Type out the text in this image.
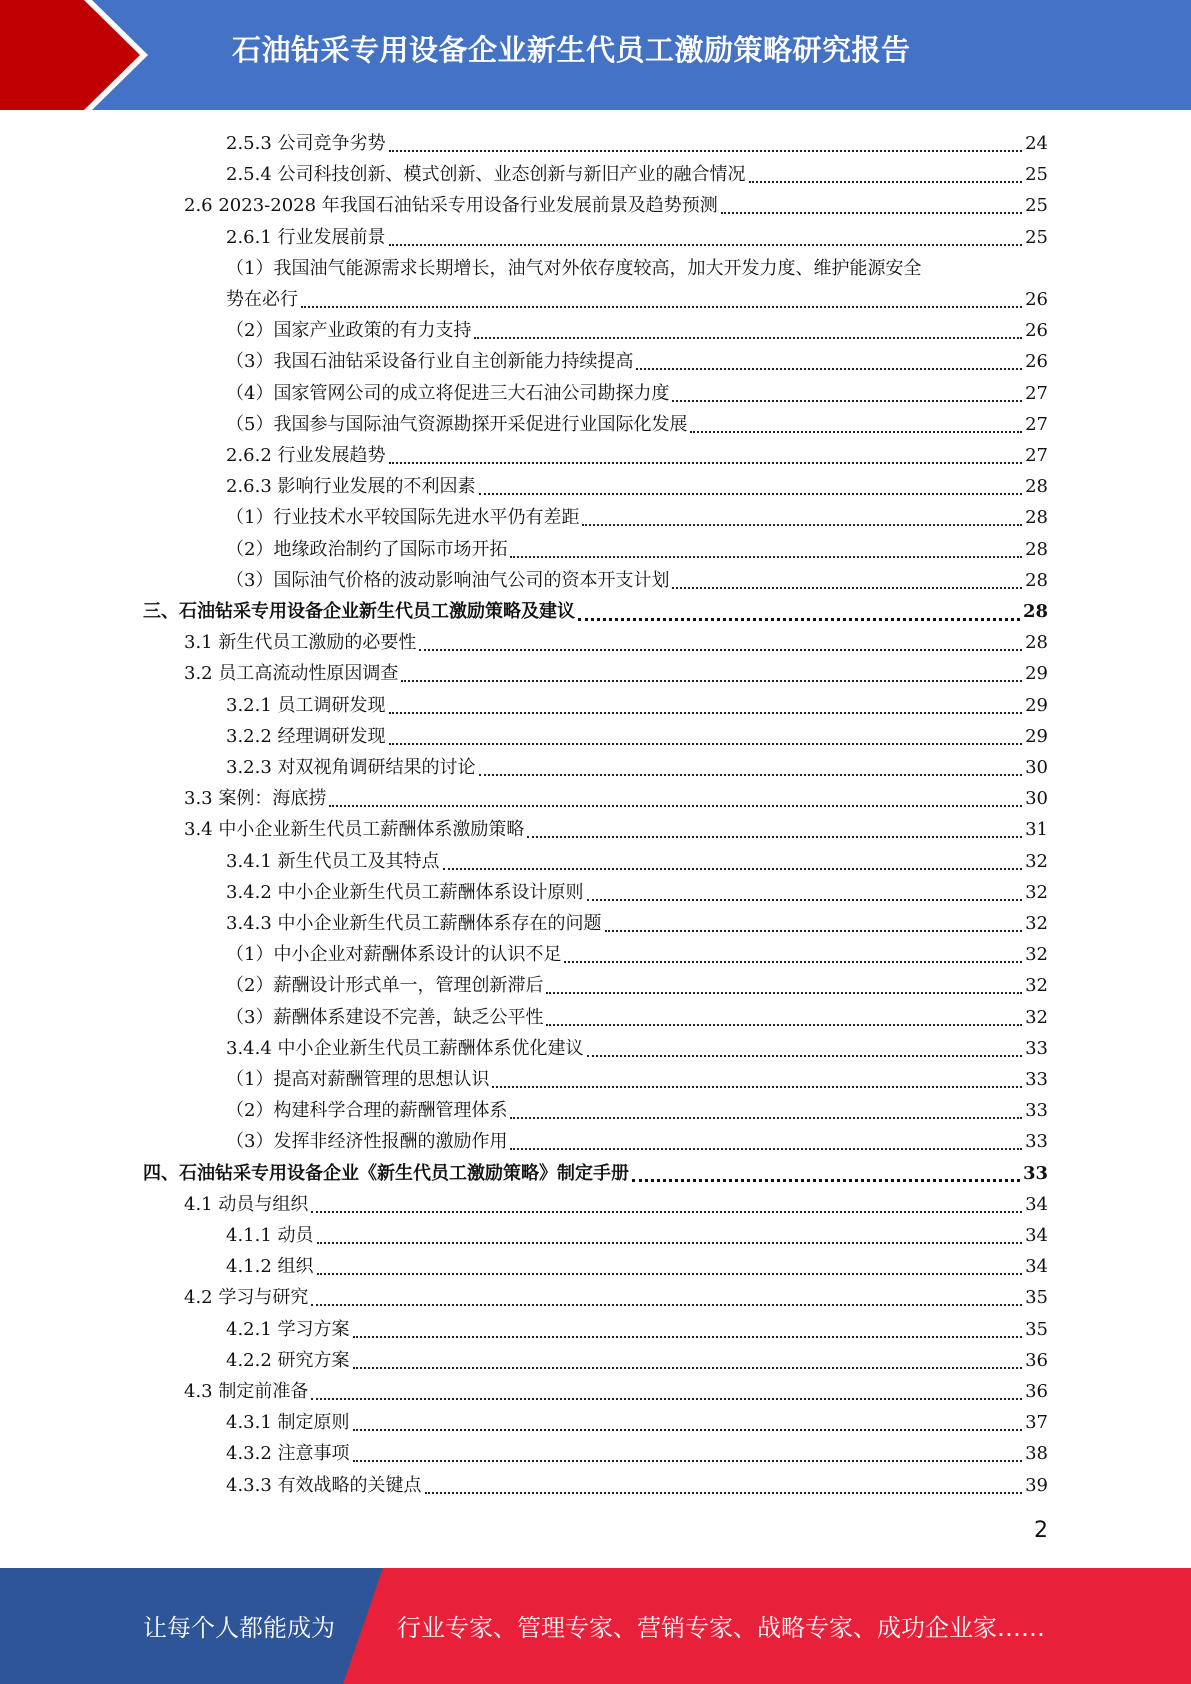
石油钻采专用设备企业新生代员工激励策略研究报告
2.5.3 公司竞争劣势	24
2.5.4 公司科技创新、模式创新、业态创新与新旧产业的融合情况	25
2.6 2023-2028 年我国石油钻采专用设备行业发展前景及趋势预测	25
2.6.1 行业发展前景	25
（1）我国油气能源需求长期增长，油气对外依存度较高，加大开发力度、维护能源安全
势在必行	26
（2）国家产业政策的有力支持	26
（3）我国石油钻采设备行业自主创新能力持续提高	26
（4）国家管网公司的成立将促进三大石油公司勘探力度	27
（5）我国参与国际油气资源勘探开采促进行业国际化发展	27
2.6.2 行业发展趋势	27
2.6.3 影响行业发展的不利因素	28
（1）行业技术水平较国际先进水平仍有差距	28
（2）地缘政治制约了国际市场开拓	28
（3）国际油气价格的波动影响油气公司的资本开支计划	28
三、石油钻采专用设备企业新生代员工激励策略及建议	28
3.1 新生代员工激励的必要性	28
3.2 员工高流动性原因调查	29
3.2.1 员工调研发现	29
3.2.2 经理调研发现	29
3.2.3 对双视角调研结果的讨论	30
3.3 案例：海底捞	30
3.4 中小企业新生代员工薪酬体系激励策略	31
3.4.1 新生代员工及其特点	32
3.4.2 中小企业新生代员工薪酬体系设计原则	32
3.4.3 中小企业新生代员工薪酬体系存在的问题	32
（1）中小企业对薪酬体系设计的认识不足	32
（2）薪酬设计形式单一，管理创新滞后	32
（3）薪酬体系建设不完善，缺乏公平性	32
3.4.4 中小企业新生代员工薪酬体系优化建议	33
（1）提高对薪酬管理的思想认识	33
（2）构建科学合理的薪酬管理体系	33
（3）发挥非经济性报酬的激励作用	33
四、石油钻采专用设备企业《新生代员工激励策略》制定手册	33
4.1 动员与组织	34
4.1.1 动员	34
4.1.2 组织	34
4.2 学习与研究	35
4.2.1 学习方案	35
4.2.2 研究方案	36
4.3 制定前准备	36
4.3.1 制定原则	37
4.3.2 注意事项	38
4.3.3 有效战略的关键点	39
2
让每个人都能成为	行业专家、管理专家、营销专家、战略专家、成功企业家……
